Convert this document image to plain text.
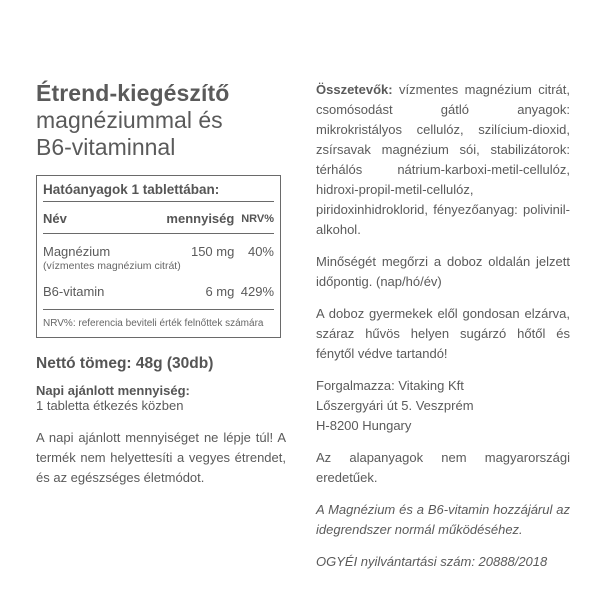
Étrend-kiegészítő
magnéziummal és
B6-vitaminnal
Hatóanyagok 1 tablettában:
Név	mennyiség NRV%
Magnézium	150 mg	40%
(vízmentes magnézium citrát)
B6-vitamin	6 mg 429%
NRV%: referencia beviteli érték felnőttek számára
Nettó tömeg: 48g (30db)
Napi ajánlott mennyiség:
1 tabletta étkezés közben
A napi ajánlott mennyiséget ne lépje túl! A termék nem helyettesíti a vegyes étrendet, és az egészséges életmódot.

Összetevők: vízmentes magnézium citrát, csomósodást gátló anyagok: mikrokristályos cellulóz, szilícium-dioxid, zsírsavak magnézium sói, stabilizátorok: térhálós nátrium-karboxi-metil-cellulóz, hidroxi-propil-metil-cellulóz, piridoxinhidroklorid, fényezőanyag: polivinil-alkohol.

Minőségét megőrzi a doboz oldalán jelzett időpontig. (nap/hó/év)

A doboz gyermekek elől gondosan elzárva, száraz hűvös helyen sugárzó hőtől és fénytől védve tartandó!

Forgalmazza: Vitaking Kft

Lőszergyári út 5. Veszprém

H-8200 Hungary

Az alapanyagok nem magyarországi eredetűek.

A Magnézium és a B6-vitamin hozzájárul az idegrendszer normál működéséhez.

OGYÉI nyilvántartási szám: 20888/2018
